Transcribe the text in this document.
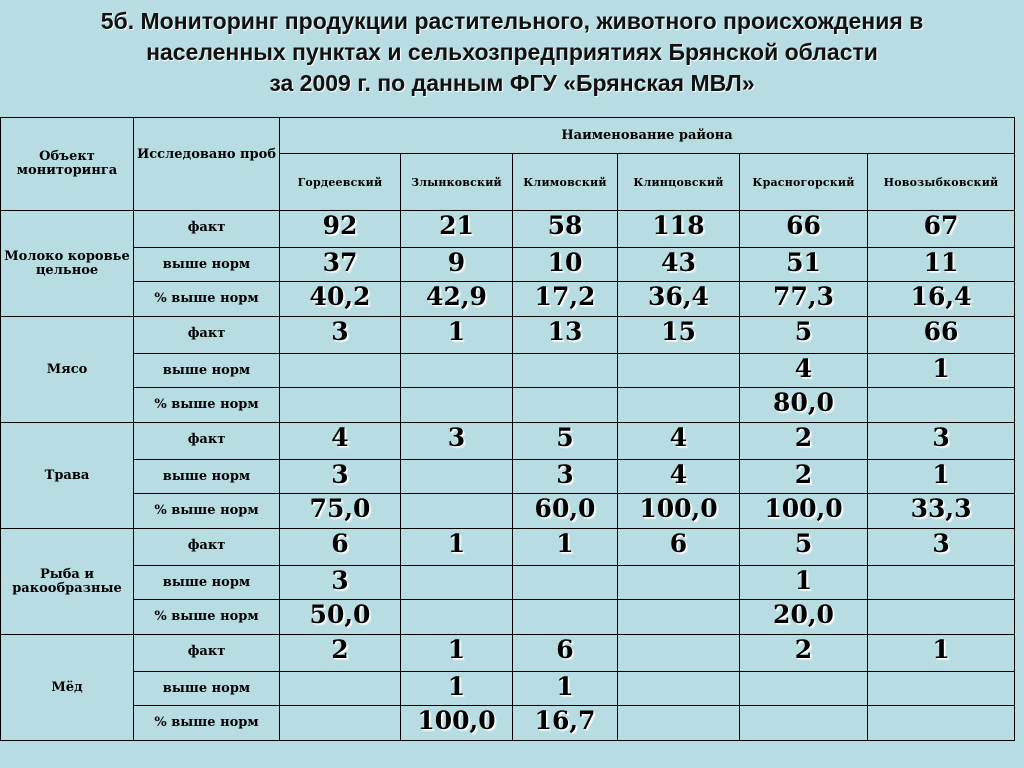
5б. Мониторинг продукции растительного, животного происхождения в
населенных пунктах и сельхозпредприятиях Брянской области
за 2009 г. по данным ФГУ «Брянская МВЛ»
Объект мониторинга	Исследовано проб	Наименование района					
		Гордеевский	Злынковский	Климовский	Клинцовский	Красногорский	Новозыбковский
Молоко коровье цельное	факт	92	21	58	118	66	67
	выше норм	37	9	10	43	51	11
	% выше норм	40,2	42,9	17,2	36,4	77,3	16,4
Мясо	факт	3	1	13	15	5	66
	выше норм					4	1
	% выше норм					80,0	
Трава	факт	4	3	5	4	2	3
	выше норм	3		3	4	2	1
	% выше норм	75,0		60,0	100,0	100,0	33,3
Рыба и ракообразные	факт	6	1	1	6	5	3
	выше норм	3				1	
	% выше норм	50,0				20,0	
Мёд	факт	2	1	6		2	1
	выше норм		1	1			
	% выше норм		100,0	16,7			
